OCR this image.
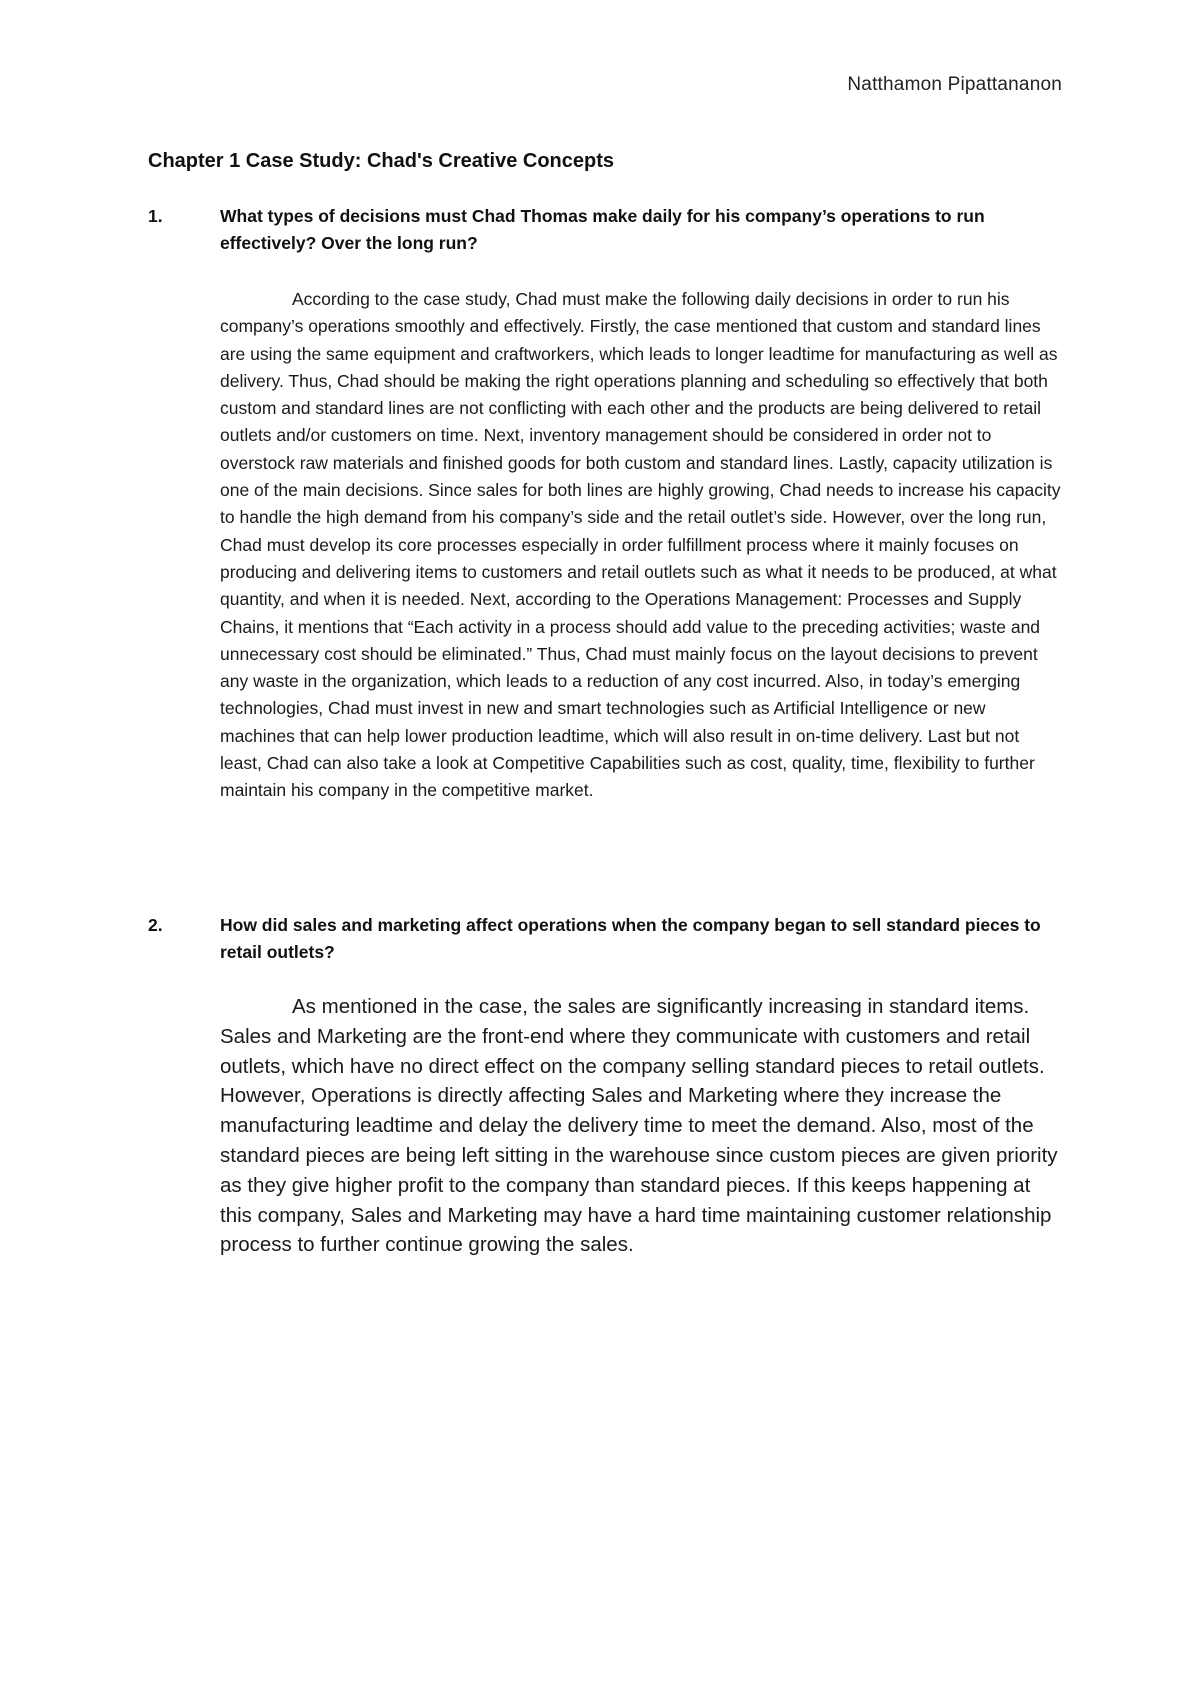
Natthamon Pipattananon
Chapter 1 Case Study: Chad's Creative Concepts
1.	What types of decisions must Chad Thomas make daily for his company’s operations to run effectively? Over the long run?
According to the case study, Chad must make the following daily decisions in order to run his company’s operations smoothly and effectively. Firstly, the case mentioned that custom and standard lines are using the same equipment and craftworkers, which leads to longer leadtime for manufacturing as well as delivery. Thus, Chad should be making the right operations planning and scheduling so effectively that both custom and standard lines are not conflicting with each other and the products are being delivered to retail outlets and/or customers on time. Next, inventory management should be considered in order not to overstock raw materials and finished goods for both custom and standard lines. Lastly, capacity utilization is one of the main decisions. Since sales for both lines are highly growing, Chad needs to increase his capacity to handle the high demand from his company’s side and the retail outlet’s side. However, over the long run, Chad must develop its core processes especially in order fulfillment process where it mainly focuses on producing and delivering items to customers and retail outlets such as what it needs to be produced, at what quantity, and when it is needed. Next, according to the Operations Management: Processes and Supply Chains, it mentions that “Each activity in a process should add value to the preceding activities; waste and unnecessary cost should be eliminated.” Thus, Chad must mainly focus on the layout decisions to prevent any waste in the organization, which leads to a reduction of any cost incurred. Also, in today’s emerging technologies, Chad must invest in new and smart technologies such as Artificial Intelligence or new machines that can help lower production leadtime, which will also result in on-time delivery. Last but not least, Chad can also take a look at Competitive Capabilities such as cost, quality, time, flexibility to further maintain his company in the competitive market.
2.	How did sales and marketing affect operations when the company began to sell standard pieces to retail outlets?
As mentioned in the case, the sales are significantly increasing in standard items. Sales and Marketing are the front-end where they communicate with customers and retail outlets, which have no direct effect on the company selling standard pieces to retail outlets. However, Operations is directly affecting Sales and Marketing where they increase the manufacturing leadtime and delay the delivery time to meet the demand. Also, most of the standard pieces are being left sitting in the warehouse since custom pieces are given priority as they give higher profit to the company than standard pieces. If this keeps happening at this company, Sales and Marketing may have a hard time maintaining customer relationship process to further continue growing the sales.
